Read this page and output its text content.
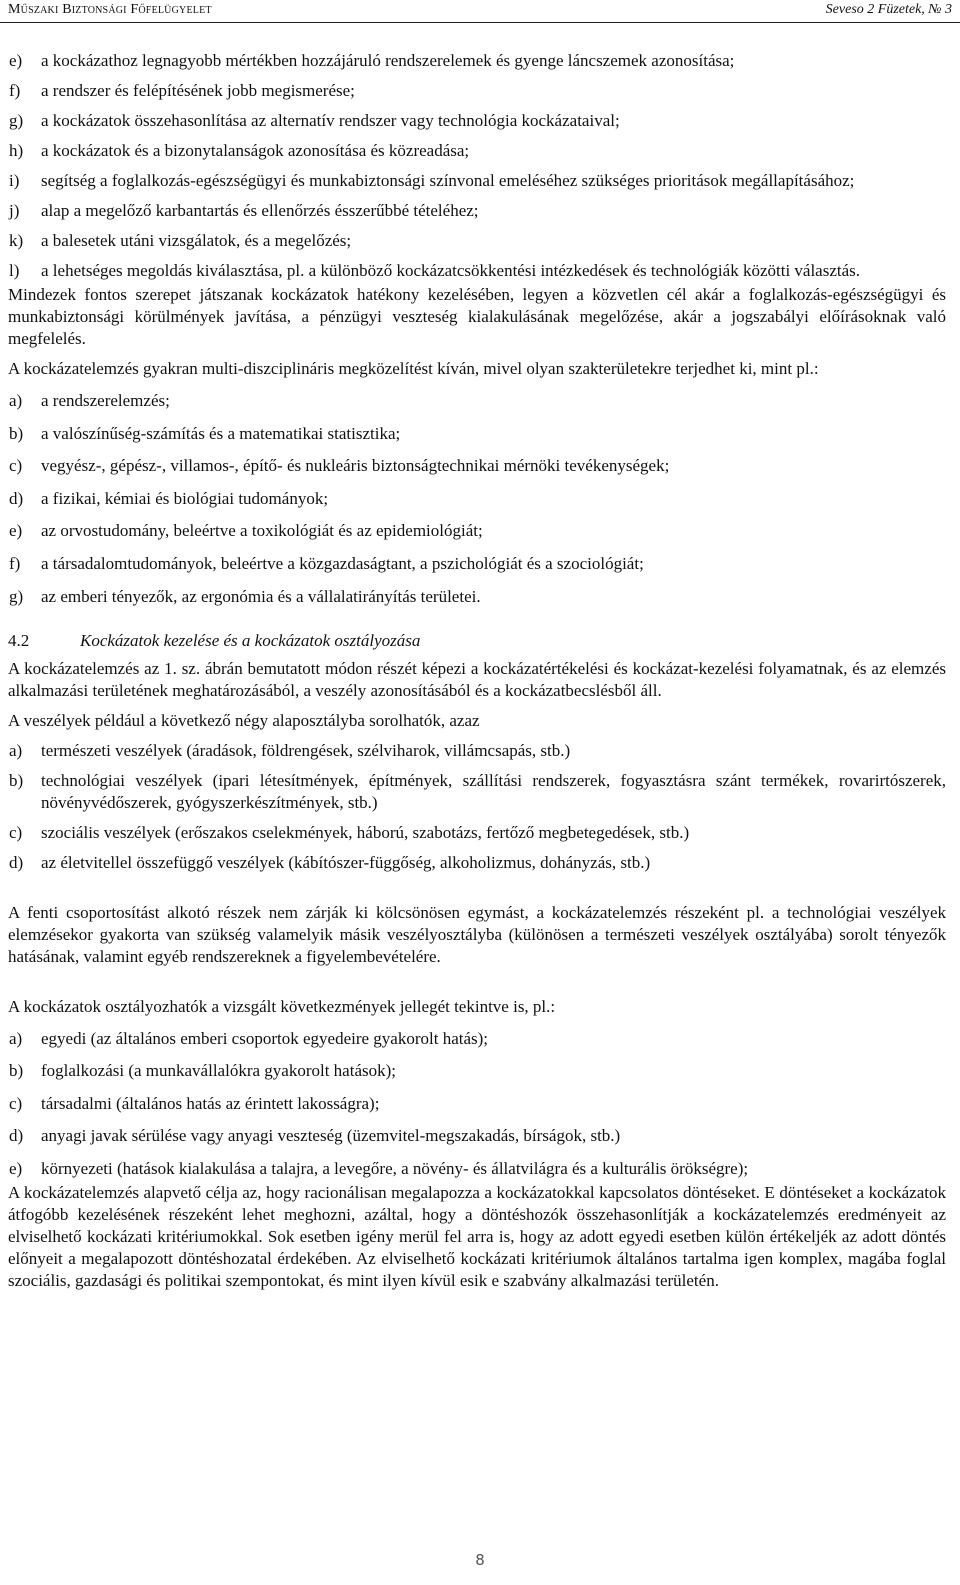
Műszaki Biztonsági Főfelügyelet	Seveso 2 Füzetek, № 3
e)	a kockázathoz legnagyobb mértékben hozzájáruló rendszerelemek és gyenge láncszemek azonosítása;
f)	a rendszer és felépítésének jobb megismerése;
g)	a kockázatok összehasonlítása az alternatív rendszer vagy technológia kockázataival;
h)	a kockázatok és a bizonytalanságok azonosítása és közreadása;
i)	segítség a foglalkozás-egészségügyi és munkabiztonsági színvonal emeléséhez szükséges prioritások megállapításához;
j)	alap a megelőző karbantartás és ellenőrzés ésszerűbbé tételéhez;
k)	a balesetek utáni vizsgálatok, és a megelőzés;
l)	a lehetséges megoldás kiválasztása, pl. a különböző kockázatcsökkentési intézkedések és technológiák közötti választás.

Mindezek fontos szerepet játszanak kockázatok hatékony kezelésében, legyen a közvetlen cél akár a foglalkozás-egészségügyi és munkabiztonsági körülmények javítása, a pénzügyi veszteség kialakulásának megelőzése, akár a jogszabályi előírásoknak való megfelelés.

A kockázatelemzés gyakran multi-diszciplináris megközelítést kíván, mivel olyan szakterületekre terjedhet ki, mint pl.:

a)	a rendszerelemzés;
b)	a valószínűség-számítás és a matematikai statisztika;
c)	vegyész-, gépész-, villamos-, építő- és nukleáris biztonságtechnikai mérnöki tevékenységek;
d)	a fizikai, kémiai és biológiai tudományok;
e)	az orvostudomány, beleértve a toxikológiát és az epidemiológiát;
f)	a társadalomtudományok, beleértve a közgazdaságtant, a pszichológiát és a szociológiát;
g)	az emberi tényezők, az ergonómia és a vállalatirányítás területei.
4.2	Kockázatok kezelése és a kockázatok osztályozása

A kockázatelemzés az 1. sz. ábrán bemutatott módon részét képezi a kockázatértékelési és kockázat-kezelési folyamatnak, és az elemzés alkalmazási területének meghatározásából, a veszély azonosításából és a kockázatbecslésből áll.

A veszélyek például a következő négy alaposztályba sorolhatók, azaz

a)	természeti veszélyek (áradások, földrengések, szélviharok, villámcsapás, stb.)
b)	technológiai veszélyek (ipari létesítmények, építmények, szállítási rendszerek, fogyasztásra szánt termékek, rovarirtószerek, növényvédőszerek, gyógyszerkészítmények, stb.)
c)	szociális veszélyek (erőszakos cselekmények, háború, szabotázs, fertőző megbetegedések, stb.)
d)	az életvitellel összefüggő veszélyek (kábítószer-függőség, alkoholizmus, dohányzás, stb.)

A fenti csoportosítást alkotó részek nem zárják ki kölcsönösen egymást, a kockázatelemzés részeként pl. a technológiai veszélyek elemzésekor gyakorta van szükség valamelyik másik veszélyosztályba (különösen a természeti veszélyek osztályába) sorolt tényezők hatásának, valamint egyéb rendszereknek a figyelembevételére.

A kockázatok osztályozhatók a vizsgált következmények jellegét tekintve is, pl.:

a)	egyedi (az általános emberi csoportok egyedeire gyakorolt hatás);
b)	foglalkozási (a munkavállalókra gyakorolt hatások);
c)	társadalmi (általános hatás az érintett lakosságra);
d)	anyagi javak sérülése vagy anyagi veszteség (üzemvitel-megszakadás, bírságok, stb.)
e)	környezeti (hatások kialakulása a talajra, a levegőre, a növény- és állatvilágra és a kulturális örökségre);

A kockázatelemzés alapvető célja az, hogy racionálisan megalapozza a kockázatokkal kapcsolatos döntéseket. E döntéseket a kockázatok átfogóbb kezelésének részeként lehet meghozni, azáltal, hogy a döntéshozók összehasonlítják a kockázatelemzés eredményeit az elviselhető kockázati kritériumokkal. Sok esetben igény merül fel arra is, hogy az adott egyedi esetben külön értékeljék az adott döntés előnyeit a megalapozott döntéshozatal érdekében. Az elviselhető kockázati kritériumok általános tartalma igen komplex, magába foglal szociális, gazdasági és politikai szempontokat, és mint ilyen kívül esik e szabvány alkalmazási területén.

8
